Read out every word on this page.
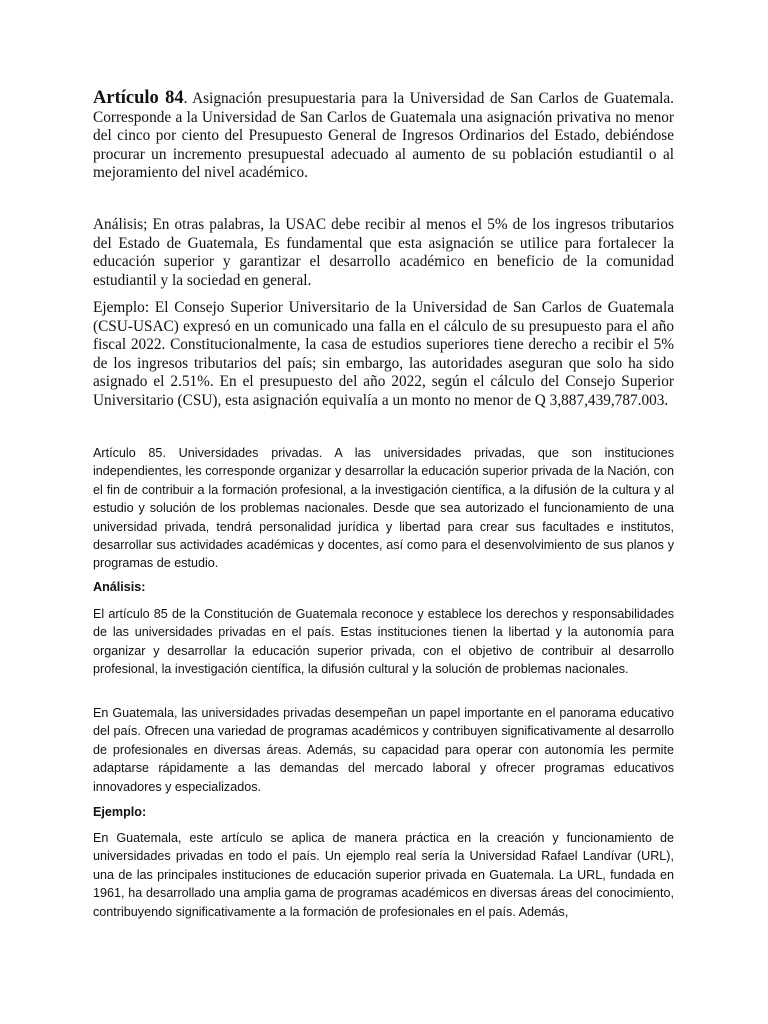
Artículo 84. Asignación presupuestaria para la Universidad de San Carlos de Guatemala. Corresponde a la Universidad de San Carlos de Guatemala una asignación privativa no menor del cinco por ciento del Presupuesto General de Ingresos Ordinarios del Estado, debiéndose procurar un incremento presupuestal adecuado al aumento de su población estudiantil o al mejoramiento del nivel académico.

Análisis; En otras palabras, la USAC debe recibir al menos el 5% de los ingresos tributarios del Estado de Guatemala, Es fundamental que esta asignación se utilice para fortalecer la educación superior y garantizar el desarrollo académico en beneficio de la comunidad estudiantil y la sociedad en general.

Ejemplo: El Consejo Superior Universitario de la Universidad de San Carlos de Guatemala (CSU-USAC) expresó en un comunicado una falla en el cálculo de su presupuesto para el año fiscal 2022. Constitucionalmente, la casa de estudios superiores tiene derecho a recibir el 5% de los ingresos tributarios del país; sin embargo, las autoridades aseguran que solo ha sido asignado el 2.51%. En el presupuesto del año 2022, según el cálculo del Consejo Superior Universitario (CSU), esta asignación equivalía a un monto no menor de Q 3,887,439,787.003.

Artículo 85. Universidades privadas. A las universidades privadas, que son instituciones independientes, les corresponde organizar y desarrollar la educación superior privada de la Nación, con el fin de contribuir a la formación profesional, a la investigación científica, a la difusión de la cultura y al estudio y solución de los problemas nacionales. Desde que sea autorizado el funcionamiento de una universidad privada, tendrá personalidad jurídica y libertad para crear sus facultades e institutos, desarrollar sus actividades académicas y docentes, así como para el desenvolvimiento de sus planos y programas de estudio.

Análisis:

El artículo 85 de la Constitución de Guatemala reconoce y establece los derechos y responsabilidades de las universidades privadas en el país. Estas instituciones tienen la libertad y la autonomía para organizar y desarrollar la educación superior privada, con el objetivo de contribuir al desarrollo profesional, la investigación científica, la difusión cultural y la solución de problemas nacionales.

En Guatemala, las universidades privadas desempeñan un papel importante en el panorama educativo del país. Ofrecen una variedad de programas académicos y contribuyen significativamente al desarrollo de profesionales en diversas áreas. Además, su capacidad para operar con autonomía les permite adaptarse rápidamente a las demandas del mercado laboral y ofrecer programas educativos innovadores y especializados.

Ejemplo:

En Guatemala, este artículo se aplica de manera práctica en la creación y funcionamiento de universidades privadas en todo el país. Un ejemplo real sería la Universidad Rafael Landívar (URL), una de las principales instituciones de educación superior privada en Guatemala. La URL, fundada en 1961, ha desarrollado una amplia gama de programas académicos en diversas áreas del conocimiento, contribuyendo significativamente a la formación de profesionales en el país. Además,
